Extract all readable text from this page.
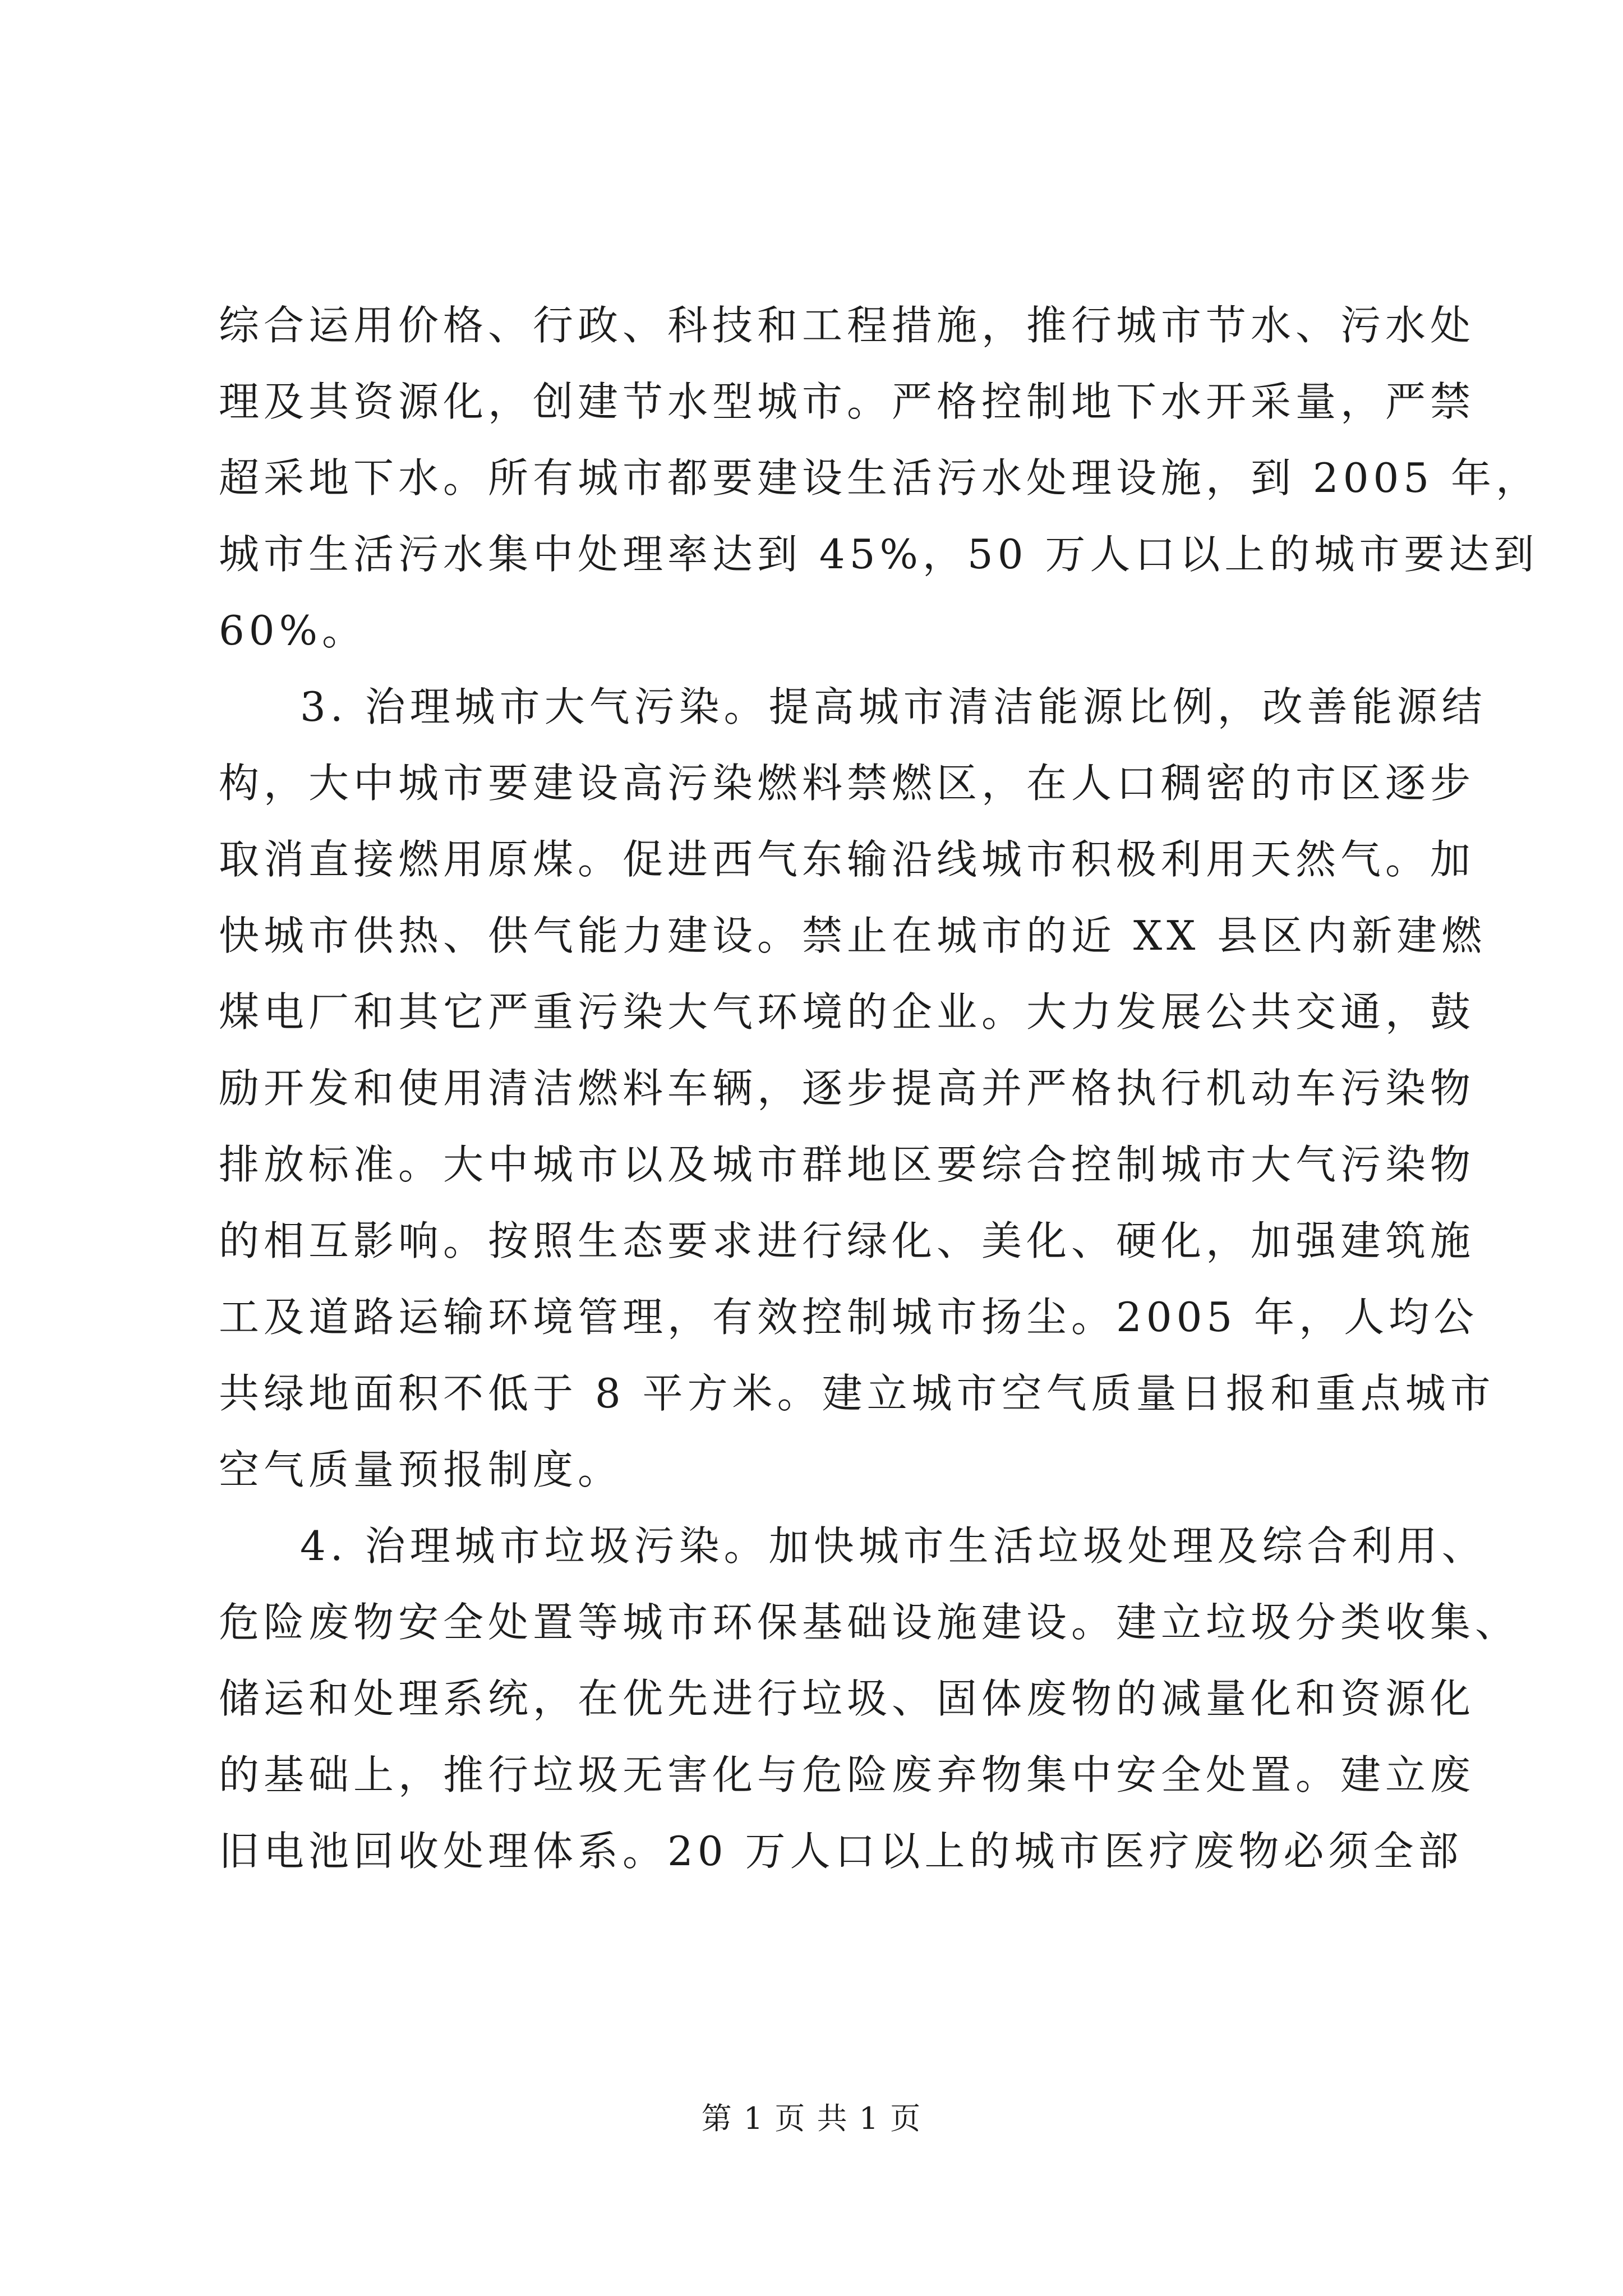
综合运用价格、行政、科技和工程措施，推行城市节水、污水处
理及其资源化，创建节水型城市。严格控制地下水开采量，严禁
超采地下水。所有城市都要建设生活污水处理设施，到 2005 年，
城市生活污水集中处理率达到 45%，50 万人口以上的城市要达到
60%。
3. 治理城市大气污染。提高城市清洁能源比例，改善能源结
构，大中城市要建设高污染燃料禁燃区，在人口稠密的市区逐步
取消直接燃用原煤。促进西气东输沿线城市积极利用天然气。加
快城市供热、供气能力建设。禁止在城市的近 XX 县区内新建燃
煤电厂和其它严重污染大气环境的企业。大力发展公共交通，鼓
励开发和使用清洁燃料车辆，逐步提高并严格执行机动车污染物
排放标准。大中城市以及城市群地区要综合控制城市大气污染物
的相互影响。按照生态要求进行绿化、美化、硬化，加强建筑施
工及道路运输环境管理，有效控制城市扬尘。2005 年，人均公
共绿地面积不低于 8 平方米。建立城市空气质量日报和重点城市
空气质量预报制度。
4. 治理城市垃圾污染。加快城市生活垃圾处理及综合利用、
危险废物安全处置等城市环保基础设施建设。建立垃圾分类收集、
储运和处理系统，在优先进行垃圾、固体废物的减量化和资源化
的基础上，推行垃圾无害化与危险废弃物集中安全处置。建立废
旧电池回收处理体系。20 万人口以上的城市医疗废物必须全部
第 1 页 共 1 页
